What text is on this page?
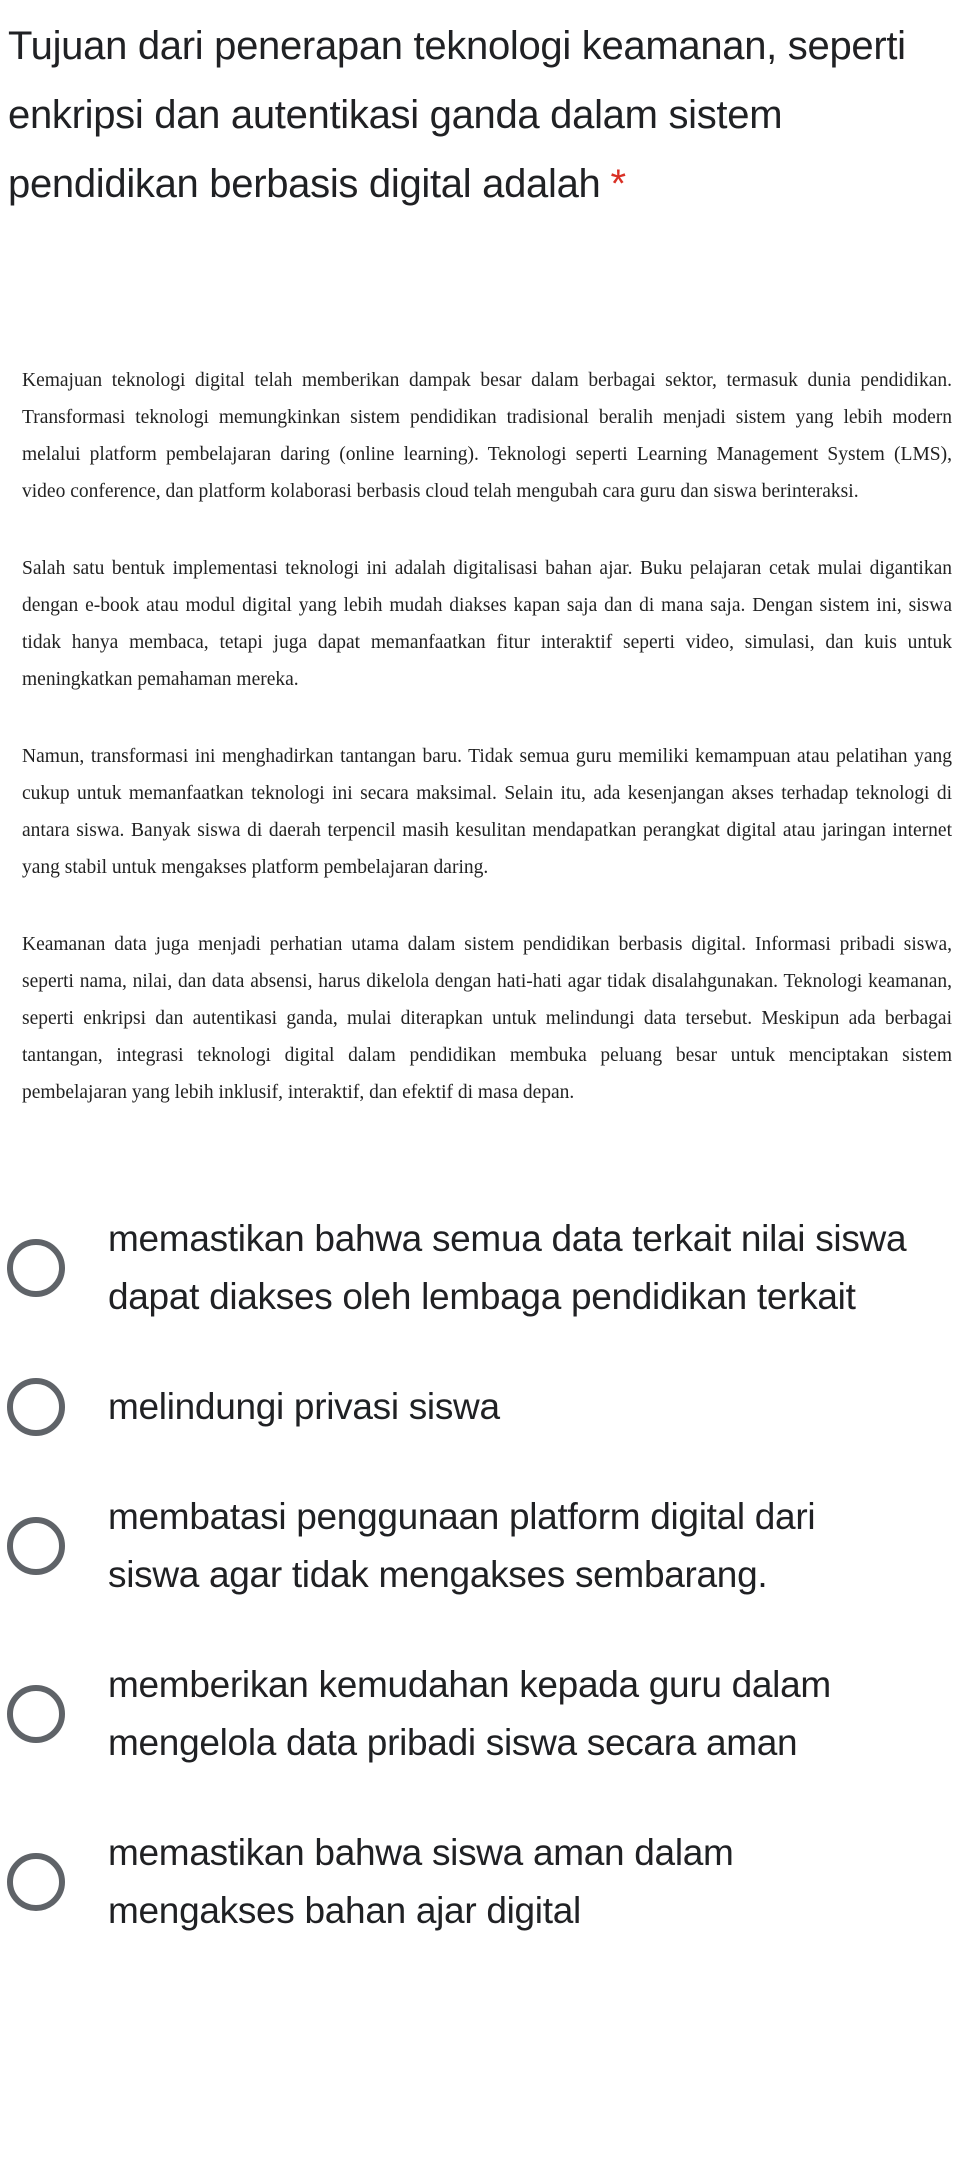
Tujuan dari penerapan teknologi keamanan, seperti enkripsi dan autentikasi ganda dalam sistem pendidikan berbasis digital adalah *

Kemajuan teknologi digital telah memberikan dampak besar dalam berbagai sektor, termasuk dunia pendidikan. Transformasi teknologi memungkinkan sistem pendidikan tradisional beralih menjadi sistem yang lebih modern melalui platform pembelajaran daring (online learning). Teknologi seperti Learning Management System (LMS), video conference, dan platform kolaborasi berbasis cloud telah mengubah cara guru dan siswa berinteraksi.

Salah satu bentuk implementasi teknologi ini adalah digitalisasi bahan ajar. Buku pelajaran cetak mulai digantikan dengan e-book atau modul digital yang lebih mudah diakses kapan saja dan di mana saja. Dengan sistem ini, siswa tidak hanya membaca, tetapi juga dapat memanfaatkan fitur interaktif seperti video, simulasi, dan kuis untuk meningkatkan pemahaman mereka.

Namun, transformasi ini menghadirkan tantangan baru. Tidak semua guru memiliki kemampuan atau pelatihan yang cukup untuk memanfaatkan teknologi ini secara maksimal. Selain itu, ada kesenjangan akses terhadap teknologi di antara siswa. Banyak siswa di daerah terpencil masih kesulitan mendapatkan perangkat digital atau jaringan internet yang stabil untuk mengakses platform pembelajaran daring.

Keamanan data juga menjadi perhatian utama dalam sistem pendidikan berbasis digital. Informasi pribadi siswa, seperti nama, nilai, dan data absensi, harus dikelola dengan hati-hati agar tidak disalahgunakan. Teknologi keamanan, seperti enkripsi dan autentikasi ganda, mulai diterapkan untuk melindungi data tersebut. Meskipun ada berbagai tantangan, integrasi teknologi digital dalam pendidikan membuka peluang besar untuk menciptakan sistem pembelajaran yang lebih inklusif, interaktif, dan efektif di masa depan.

memastikan bahwa semua data terkait nilai siswa dapat diakses oleh lembaga pendidikan terkait
melindungi privasi siswa
membatasi penggunaan platform digital dari siswa agar tidak mengakses sembarang.
memberikan kemudahan kepada guru dalam mengelola data pribadi siswa secara aman
memastikan bahwa siswa aman dalam mengakses bahan ajar digital
